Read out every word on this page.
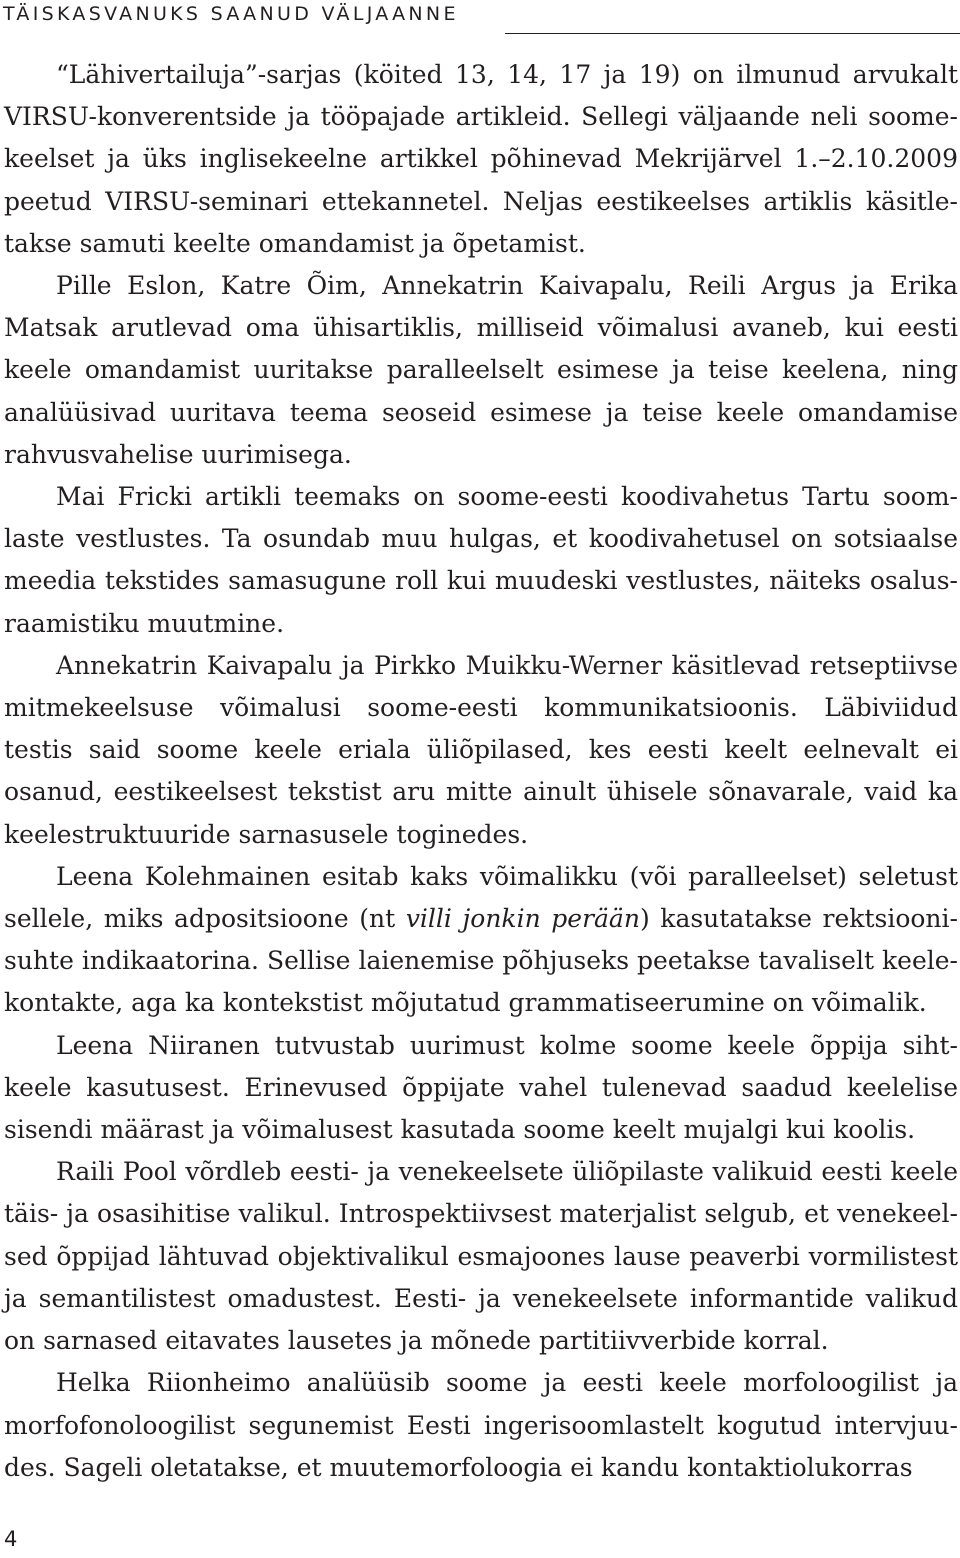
TÄISKASVANUKS SAANUD VÄLJAANNE

“Lähivertailuja”-sarjas (köited 13, 14, 17 ja 19) on ilmunud arvukalt VIRSU-konverentside ja tööpajade artikleid. Sellegi väljaande neli soomekeelset ja üks inglisekeelne artikkel põhinevad Mekrijärvel 1.–2.10.2009 peetud VIRSU-seminari ettekannetel. Neljas eestikeelses artiklis käsitletakse samuti keelte omandamist ja õpetamist.

Pille Eslon, Katre Õim, Annekatrin Kaivapalu, Reili Argus ja Erika Matsak arutlevad oma ühisartiklis, milliseid võimalusi avaneb, kui eesti keele omandamist uuritakse paralleelselt esimese ja teise keelena, ning analüüsivad uuritava teema seoseid esimese ja teise keele omandamise rahvusvahelise uurimisega.

Mai Fricki artikli teemaks on soome-eesti koodivahetus Tartu soomlaste vestlustes. Ta osundab muu hulgas, et koodivahetusel on sotsiaalse meedia tekstides samasugune roll kui muudeski vestlustes, näiteks osalusraamistiku muutmine.

Annekatrin Kaivapalu ja Pirkko Muikku-Werner käsitlevad retseptiivse mitmekeelsuse võimalusi soome-eesti kommunikatsioonis. Läbiviidud testis said soome keele eriala üliõpilased, kes eesti keelt eelnevalt ei osanud, eestikeelsest tekstist aru mitte ainult ühisele sõnavarale, vaid ka keelestruktuuride sarnasusele toginedes.

Leena Kolehmainen esitab kaks võimalikku (või paralleelset) seletust sellele, miks adpositsioone (nt villi jonkin perään) kasutatakse rektsioonisuhte indikaatorina. Sellise laienemise põhjuseks peetakse tavaliselt keelekontakte, aga ka kontekstist mõjutatud grammatiseerumine on võimalik.

Leena Niiranen tutvustab uurimust kolme soome keele õppija sihtkeele kasutusest. Erinevused õppijate vahel tulenevad saadud keelelise sisendi määrast ja võimalusest kasutada soome keelt mujalgi kui koolis.

Raili Pool võrdleb eesti- ja venekeelsete üliõpilaste valikuid eesti keele täis- ja osasihitise valikul. Introspektiivsest materjalist selgub, et venekeelsed õppijad lähtuvad objektivalikul esmajoones lause peaverbi vormilistest ja semantilistest omadustest. Eesti- ja venekeelsete informantide valikud on sarnased eitavates lausetes ja mõnede partitiivverbide korral.

Helka Riionheimo analüüsib soome ja eesti keele morfoloogilist ja morfofonoloogilist segunemist Eesti ingerisoomlastelt kogutud intervjuudes. Sageli oletatakse, et muutemorfoloogia ei kandu kontaktiolukorras

4
